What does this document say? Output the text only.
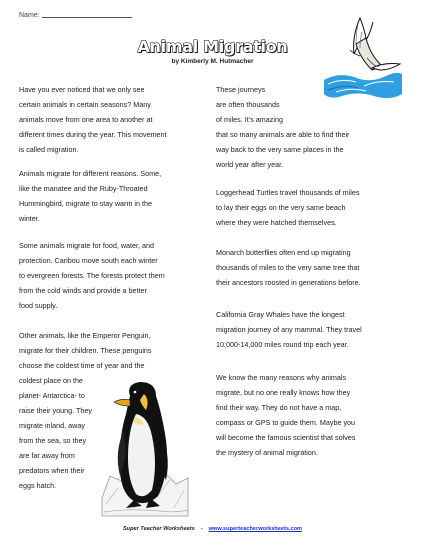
Name:
Animal Migration
by Kimberly M. Hutmacher
Have you ever noticed that we only see
certain animals in certain seasons? Many
animals move from one area to another at
different times during the year. This movement
is called migration.
Animals migrate for different reasons. Some,
like the manatee and the Ruby-Throated
Hummingbird, migrate to stay warm in the
winter.
Some animals migrate for food, water, and
protection. Caribou move south each winter
to evergreen forests. The forests protect them
from the cold winds and provide a better
food supply.
Other animals, like the Emperor Penguin,
migrate for their children. These penguins
choose the coldest time of year and the
coldest place on the
planet- Antarctica- to
raise their young. They
migrate inland, away
from the sea, so they
are far away from
predators when their
eggs hatch.
These journeys
are often thousands
of miles. It’s amazing
that so many animals are able to find their
way back to the very same places in the
world year after year.
Loggerhead Turtles travel thousands of miles
to lay their eggs on the very same beach
where they were hatched themselves.
Monarch butterflies often end up migrating
thousands of miles to the very same tree that
their ancestors roosted in generations before.
California Gray Whales have the longest
migration journey of any mammal. They travel
10,000-14,000 miles round trip each year.
We know the many reasons why animals
migrate, but no one really knows how they
find their way. They do not have a map,
compass or GPS to guide them. Maybe you
will become the famous scientist that solves
the mystery of animal migration.
Super Teacher Worksheets - www.superteacherworksheets.com
